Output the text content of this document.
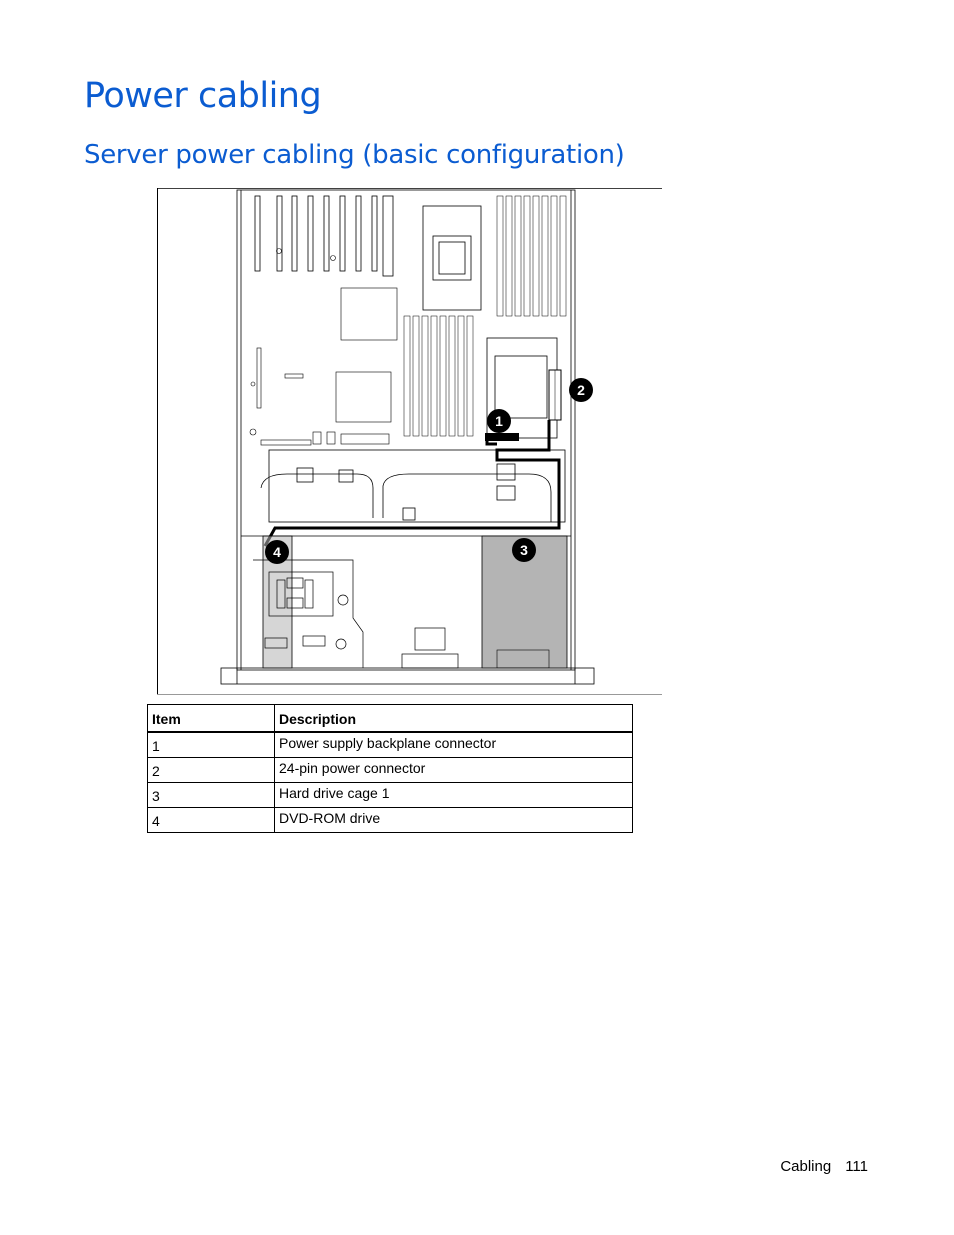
Power cabling
Server power cabling (basic configuration)
1
2
3
4
Item	Description
1	Power supply backplane connector
2	24-pin power connector
3	Hard drive cage 1
4	DVD-ROM drive
Cabling 111
